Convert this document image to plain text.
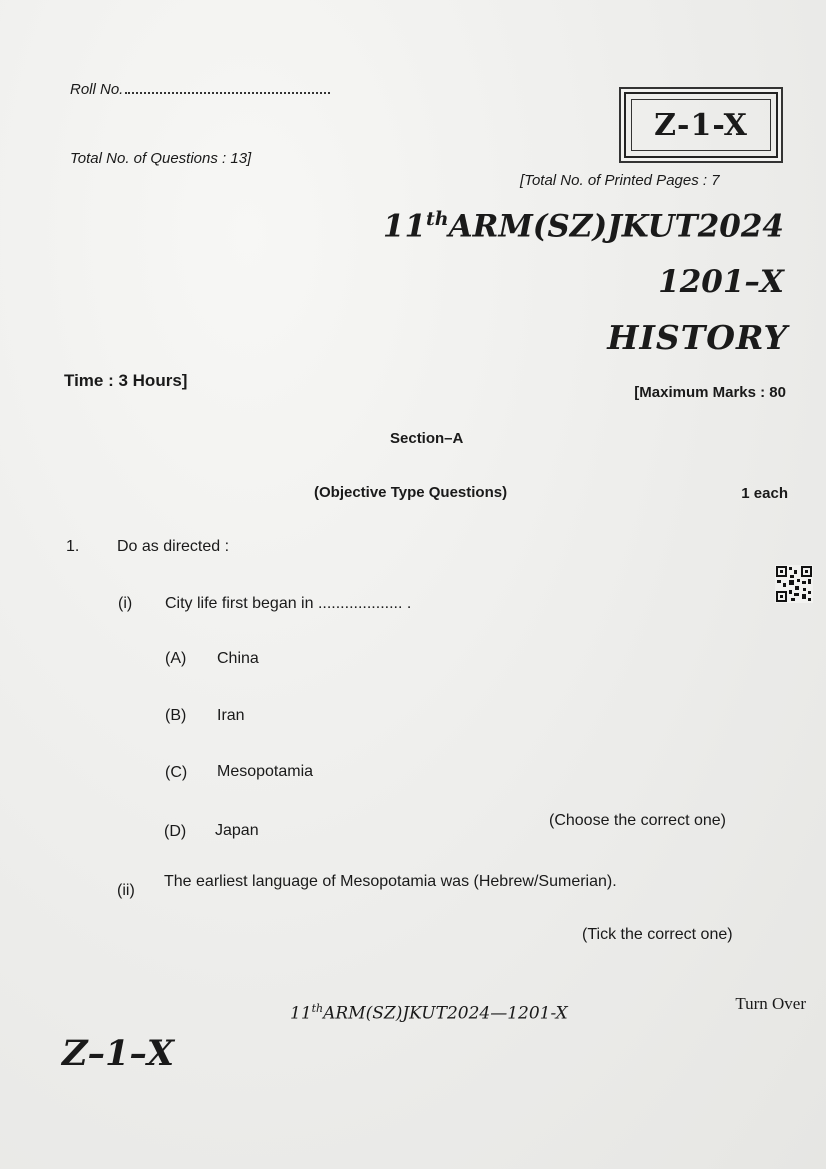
Roll No.
Z-1-X
Total No. of Questions : 13]
[Total No. of Printed Pages : 7
11thARM(SZ)JKUT2024
1201–X
HISTORY
Time : 3 Hours]
[Maximum Marks : 80
Section–A
(Objective Type Questions)	1 each
1. Do as directed :
(i) City life first began in ................... .
(A) China
(B) Iran
(C) Mesopotamia
(D) Japan
(Choose the correct one)
(ii)
The earliest language of Mesopotamia was (Hebrew/Sumerian).
(Tick the correct one)
11thARM(SZ)JKUT2024—1201-X
Turn Over
Z–1–X
